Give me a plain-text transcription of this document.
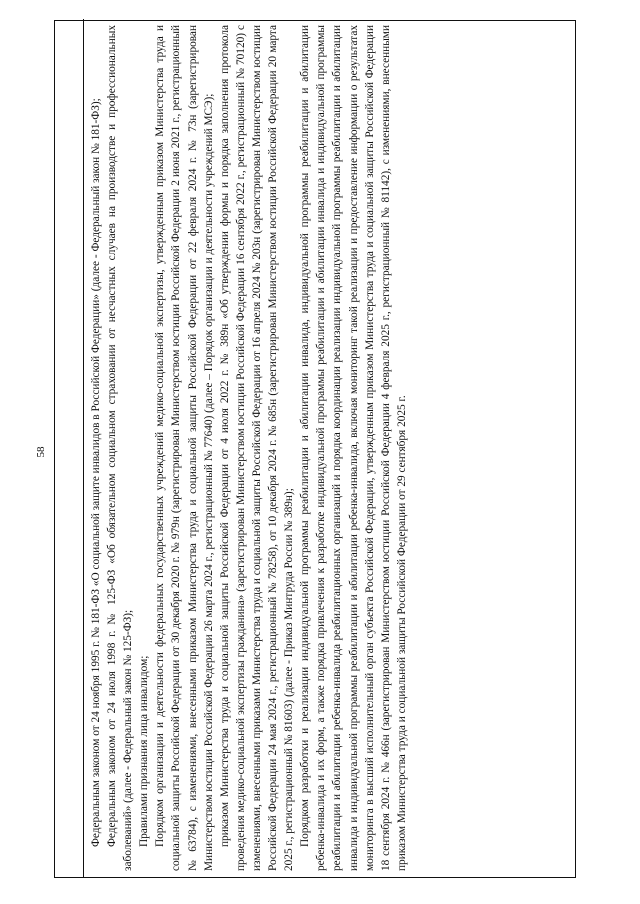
58	Федеральным законом от 24 ноября 1995 г. № 181-ФЗ «О социальной защите инвалидов в Российской Федерации» (далее - Федеральный закон № 181-ФЗ); Федеральным законом от 24 июля 1998 г. № 125-ФЗ «Об обязательном социальном страховании от несчастных случаев на производстве и профессиональных заболеваний» (далее - Федеральный закон № 125-ФЗ); Правилами признания лица инвалидом; Порядком организации и деятельности федеральных государственных учреждений медико-социальной экспертизы, утвержденным приказом Министерства труда и социальной защиты Российской Федерации от 30 декабря 2020 г. № 979н (зарегистрирован Министерством юстиции Российской Федерации 2 июня 2021 г., регистрационный № 63784), с изменениями, внесенными приказом Министерства труда и социальной защиты Российской Федерации от 22 февраля 2024 г. № 73н (зарегистрирован Министерством юстиции Российской Федерации 26 марта 2024 г., регистрационный № 77640) (далее – Порядок организации и деятельности учреждений МСЭ); приказом Министерства труда и социальной защиты Российской Федерации от 4 июля 2022 г. № 389н «Об утверждении формы и порядка заполнения протокола проведения медико-социальной экспертизы гражданина» (зарегистрирован Министерством юстиции Российской Федерации 16 сентября 2022 г., регистрационный № 70120) с изменениями, внесенными приказами Министерства труда и социальной защиты Российской Федерации от 16 апреля 2024 № 203н (зарегистрирован Министерством юстиции Российской Федерации 24 мая 2024 г., регистрационный № 78258), от 10 декабря 2024 г. № 685н (зарегистрирован Министерством юстиции Российской Федерации 20 марта 2025 г., регистрационный № 81603) (далее - Приказ Минтруда России № 389н); Порядком разработки и реализации индивидуальной программы реабилитации и абилитации инвалида, индивидуальной программы реабилитации и абилитации ребенка-инвалида и их форм, а также порядка привлечения к разработке индивидуальной программы реабилитации и абилитации инвалида и индивидуальной программы реабилитации и абилитации ребенка-инвалида реабилитационных организаций и порядка координации реализации индивидуальной программы реабилитации и абилитации инвалида и индивидуальной программы реабилитации и абилитации ребенка-инвалида, включая мониторинг такой реализации и предоставление информации о результатах мониторинга в высший исполнительный орган субъекта Российской Федерации, утвержденным приказом Министерства труда и социальной защиты Российской Федерации 18 сентября 2024 г. № 466н (зарегистрирован Министерством юстиции Российской Федерации 4 февраля 2025 г., регистрационный № 81142), с изменениями, внесенными приказом Министерства труда и социальной защиты Российской Федерации от 29 сентября 2025 г.
